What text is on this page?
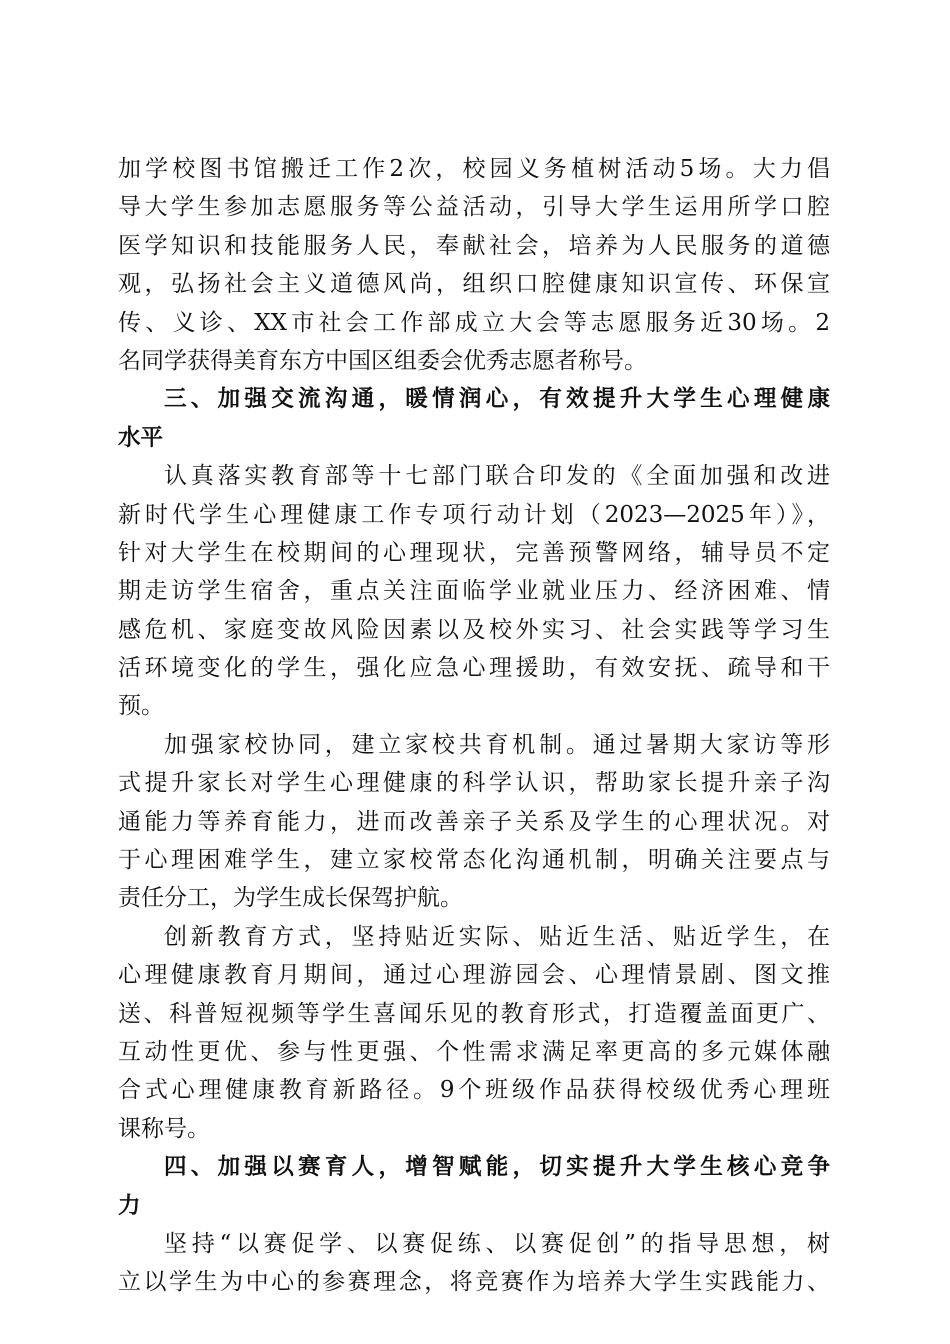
加学校图书馆搬迁工作2次，校园义务植树活动5场。大力倡
导大学生参加志愿服务等公益活动，引导大学生运用所学口腔
医学知识和技能服务人民，奉献社会，培养为人民服务的道德
观，弘扬社会主义道德风尚，组织口腔健康知识宣传、环保宣
传、义诊、XX市社会工作部成立大会等志愿服务近30场。2
名同学获得美育东方中国区组委会优秀志愿者称号。
三、加强交流沟通，暖情润心，有效提升大学生心理健康
水平
认真落实教育部等十七部门联合印发的《全面加强和改进
新时代学生心理健康工作专项行动计划（2023—2025年）》，
针对大学生在校期间的心理现状，完善预警网络，辅导员不定
期走访学生宿舍，重点关注面临学业就业压力、经济困难、情
感危机、家庭变故风险因素以及校外实习、社会实践等学习生
活环境变化的学生，强化应急心理援助，有效安抚、疏导和干
预。
加强家校协同，建立家校共育机制。通过暑期大家访等形
式提升家长对学生心理健康的科学认识，帮助家长提升亲子沟
通能力等养育能力，进而改善亲子关系及学生的心理状况。对
于心理困难学生，建立家校常态化沟通机制，明确关注要点与
责任分工，为学生成长保驾护航。
创新教育方式，坚持贴近实际、贴近生活、贴近学生，在
心理健康教育月期间，通过心理游园会、心理情景剧、图文推
送、科普短视频等学生喜闻乐见的教育形式，打造覆盖面更广、
互动性更优、参与性更强、个性需求满足率更高的多元媒体融
合式心理健康教育新路径。9个班级作品获得校级优秀心理班
课称号。
四、加强以赛育人，增智赋能，切实提升大学生核心竞争
力
坚持“以赛促学、以赛促练、以赛促创”的指导思想，树
立以学生为中心的参赛理念，将竞赛作为培养大学生实践能力、
